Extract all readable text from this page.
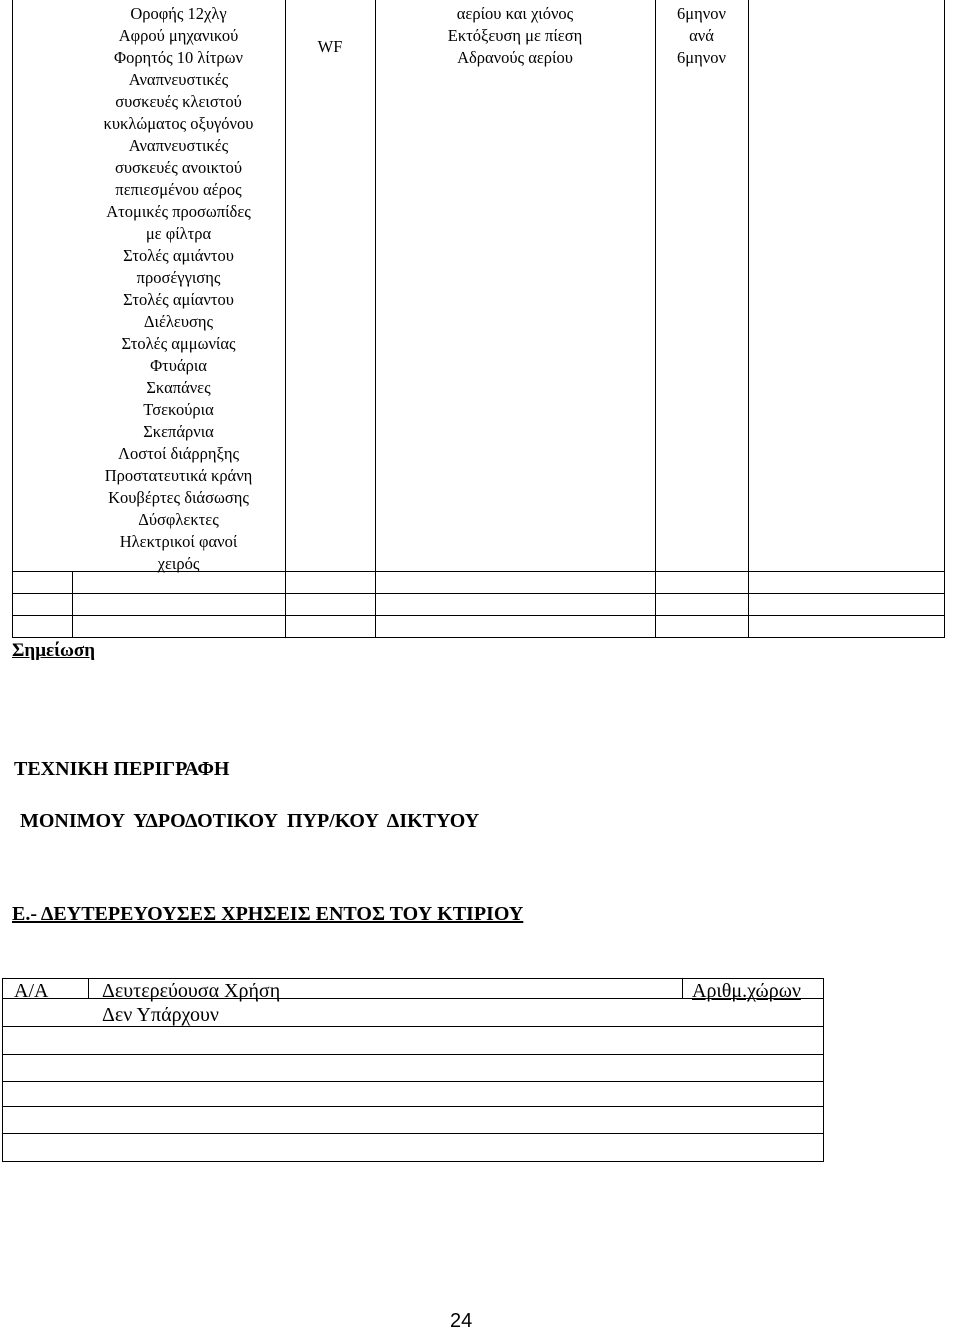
Οροφής 12χλγ
Αφρού μηχανικού
Φορητός 10 λίτρων
Αναπνευστικές
συσκευές κλειστού
κυκλώματος οξυγόνου
Αναπνευστικές
συσκευές ανοικτού
πεπιεσμένου αέρος
Ατομικές προσωπίδες
με φίλτρα
Στολές αμιάντου
προσέγγισης
Στολές αμίαντου
Διέλευσης
Στολές αμμωνίας
Φτυάρια
Σκαπάνες
Τσεκούρια
Σκεπάρνια
Λοστοί διάρρηξης
Προστατευτικά κράνη
Κουβέρτες διάσωσης
Δύσφλεκτες
Ηλεκτρικοί φανοί
χειρός
WF
αερίου και χιόνος
Εκτόξευση με πίεση
Αδρανούς αερίου
6μηνον
ανά
6μηνον
Σημείωση
ΤΕΧΝΙΚΗ ΠΕΡΙΓΡΑΦΗ
ΜΟΝΙΜΟΥ ΥΔΡΟΔΟΤΙΚΟΥ ΠΥΡ/ΚΟΥ ΔΙΚΤΥΟΥ
Ε.- ΔΕΥΤΕΡΕΥΟΥΣΕΣ ΧΡΗΣΕΙΣ ΕΝΤΟΣ ΤΟΥ ΚΤΙΡΙΟΥ
Α/Α	Δευτερεύουσα Χρήση	Αριθμ.χώρων
Δεν Υπάρχουν
24
